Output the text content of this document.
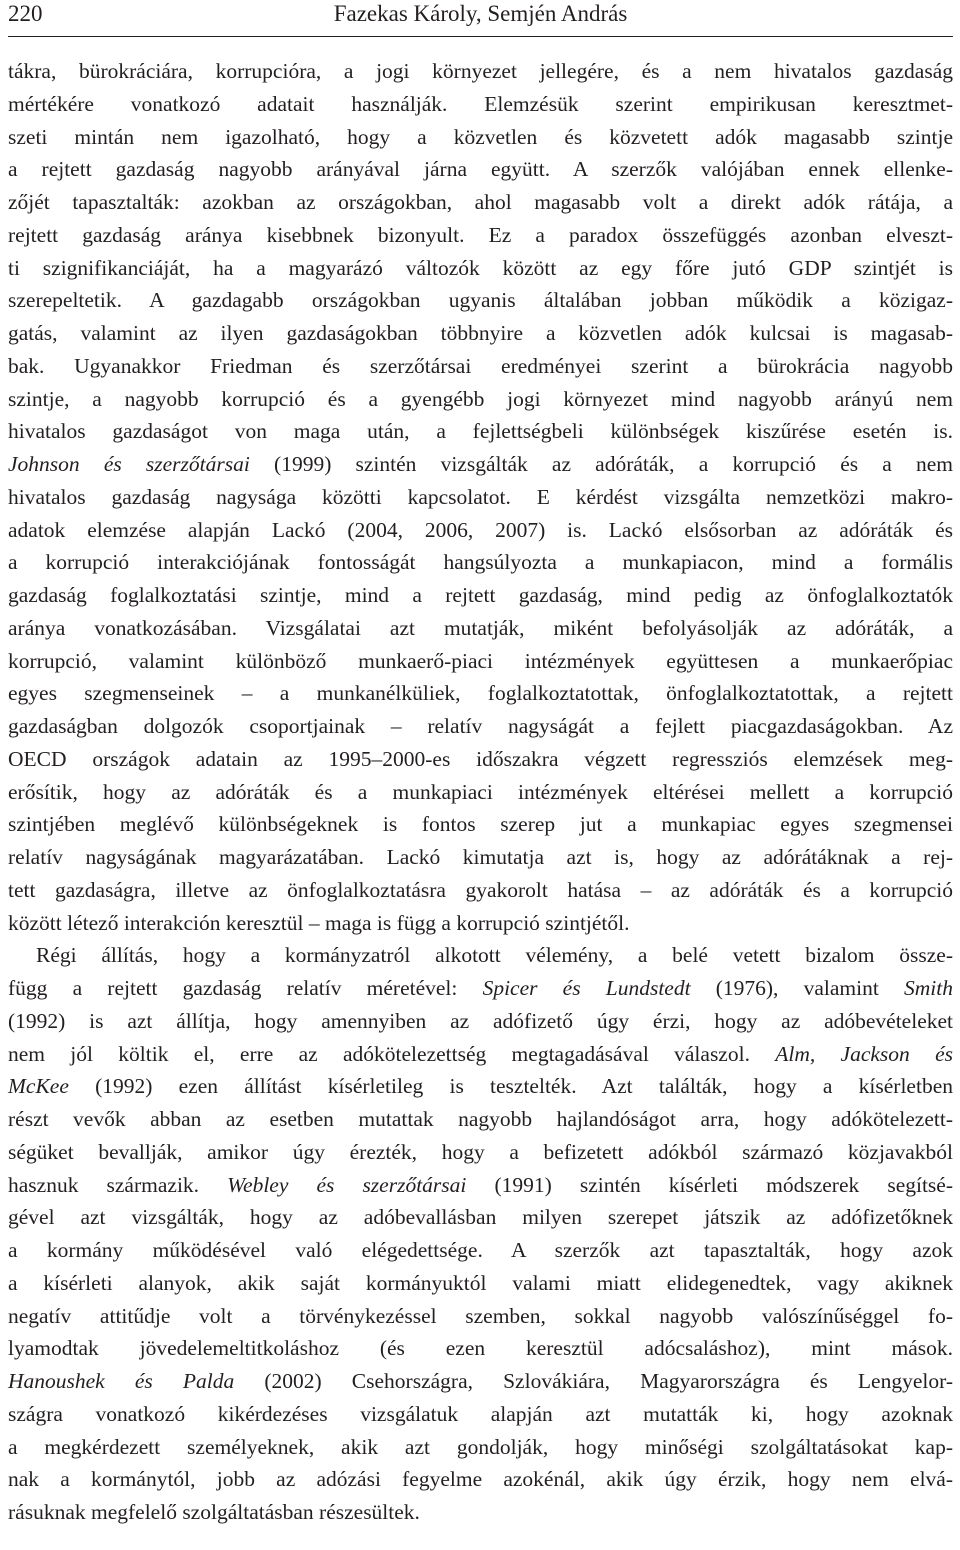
220	Fazekas Károly, Semjén András
tákra, bürokráciára, korrupcióra, a jogi környezet jellegére, és a nem hivatalos gazdaság
mértékére vonatkozó adatait használják. Elemzésük szerint empirikusan keresztmet-
szeti mintán nem igazolható, hogy a közvetlen és közvetett adók magasabb szintje
a rejtett gazdaság nagyobb arányával járna együtt. A szerzők valójában ennek ellenke-
zőjét tapasztalták: azokban az országokban, ahol magasabb volt a direkt adók rátája, a
rejtett gazdaság aránya kisebbnek bizonyult. Ez a paradox összefüggés azonban elveszt-
ti szignifikanciáját, ha a magyarázó változók között az egy főre jutó GDP szintjét is
szerepeltetik. A gazdagabb országokban ugyanis általában jobban működik a közigaz-
gatás, valamint az ilyen gazdaságokban többnyire a közvetlen adók kulcsai is magasab-
bak. Ugyanakkor Friedman és szerzőtársai eredményei szerint a bürokrácia nagyobb
szintje, a nagyobb korrupció és a gyengébb jogi környezet mind nagyobb arányú nem
hivatalos gazdaságot von maga után, a fejlettségbeli különbségek kiszűrése esetén is.
Johnson és szerzőtársai (1999) szintén vizsgálták az adóráták, a korrupció és a nem
hivatalos gazdaság nagysága közötti kapcsolatot. E kérdést vizsgálta nemzetközi makro-
adatok elemzése alapján Lackó (2004, 2006, 2007) is. Lackó elsősorban az adóráták és
a korrupció interakciójának fontosságát hangsúlyozta a munkapiacon, mind a formális
gazdaság foglalkoztatási szintje, mind a rejtett gazdaság, mind pedig az önfoglalkoztatók
aránya vonatkozásában. Vizsgálatai azt mutatják, miként befolyásolják az adóráták, a
korrupció, valamint különböző munkaerő-piaci intézmények együttesen a munkaerőpiac
egyes szegmenseinek – a munkanélküliek, foglalkoztatottak, önfoglalkoztatottak, a rejtett
gazdaságban dolgozók csoportjainak – relatív nagyságát a fejlett piacgazdaságokban. Az
OECD országok adatain az 1995–2000-es időszakra végzett regressziós elemzések meg-
erősítik, hogy az adóráták és a munkapiaci intézmények eltérései mellett a korrupció
szintjében meglévő különbségeknek is fontos szerep jut a munkapiac egyes szegmensei
relatív nagyságának magyarázatában. Lackó kimutatja azt is, hogy az adórátáknak a rej-
tett gazdaságra, illetve az önfoglalkoztatásra gyakorolt hatása – az adóráták és a korrupció
között létező interakción keresztül – maga is függ a korrupció szintjétől.
Régi állítás, hogy a kormányzatról alkotott vélemény, a belé vetett bizalom össze-
függ a rejtett gazdaság relatív méretével: Spicer és Lundstedt (1976), valamint Smith
(1992) is azt állítja, hogy amennyiben az adófizető úgy érzi, hogy az adóbevételeket
nem jól költik el, erre az adókötelezettség megtagadásával válaszol. Alm, Jackson és
McKee (1992) ezen állítást kísérletileg is tesztelték. Azt találták, hogy a kísérletben
részt vevők abban az esetben mutattak nagyobb hajlandóságot arra, hogy adókötelezett-
ségüket bevallják, amikor úgy érezték, hogy a befizetett adókból származó közjavakból
hasznuk származik. Webley és szerzőtársai (1991) szintén kísérleti módszerek segítsé-
gével azt vizsgálták, hogy az adóbevallásban milyen szerepet játszik az adófizetőknek
a kormány működésével való elégedettsége. A szerzők azt tapasztalták, hogy azok
a kísérleti alanyok, akik saját kormányuktól valami miatt elidegenedtek, vagy akiknek
negatív attitűdje volt a törvénykezéssel szemben, sokkal nagyobb valószínűséggel fo-
lyamodtak jövedelemeltitkoláshoz (és ezen keresztül adócsaláshoz), mint mások.
Hanoushek és Palda (2002) Csehországra, Szlovákiára, Magyarországra és Lengyelor-
szágra vonatkozó kikérdezéses vizsgálatuk alapján azt mutatták ki, hogy azoknak
a megkérdezett személyeknek, akik azt gondolják, hogy minőségi szolgáltatásokat kap-
nak a kormánytól, jobb az adózási fegyelme azokénál, akik úgy érzik, hogy nem elvá-
rásuknak megfelelő szolgáltatásban részesültek.
